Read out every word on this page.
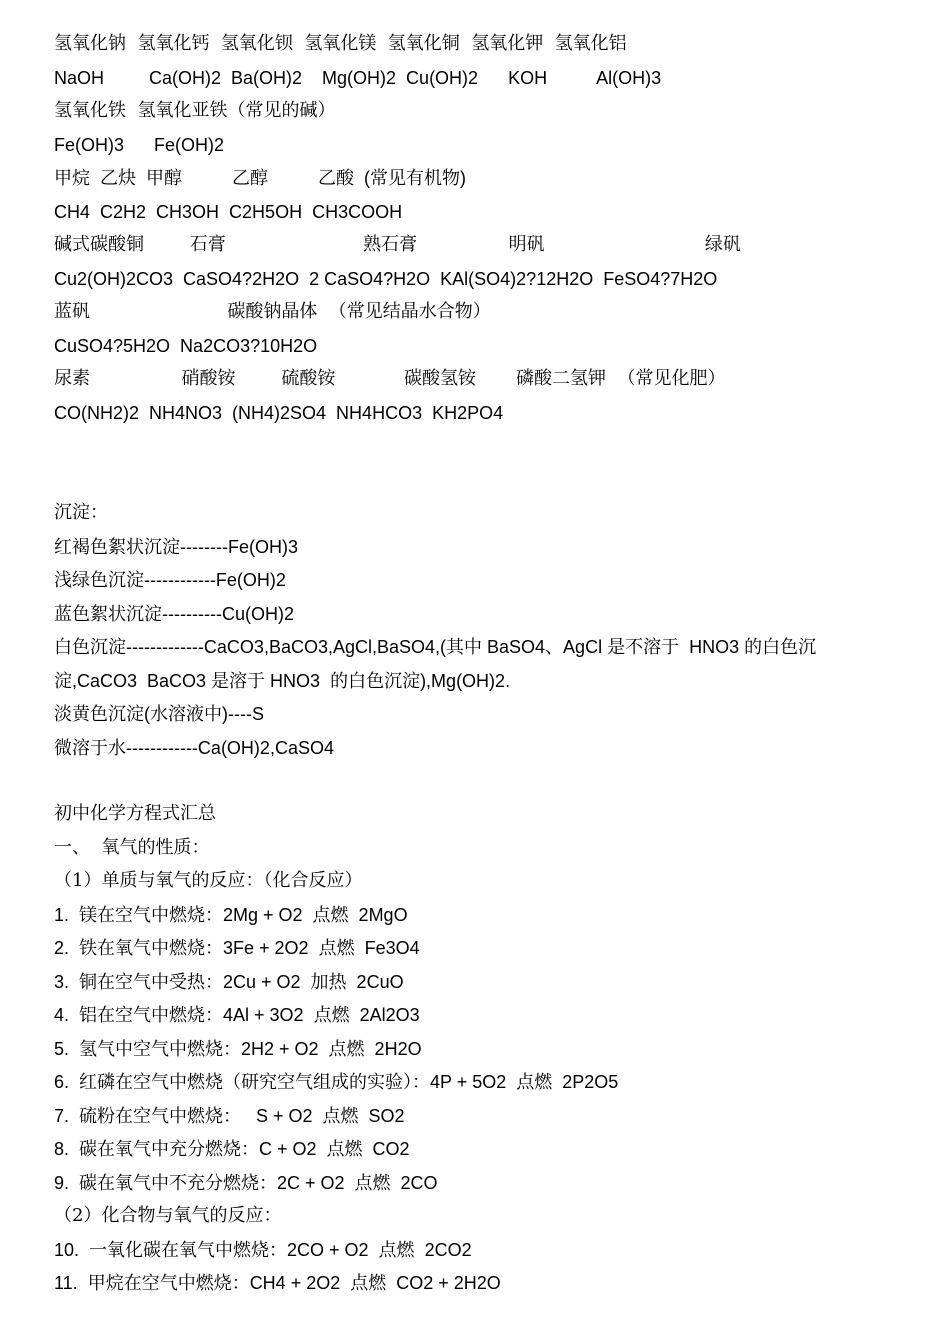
氢氧化钠  氢氧化钙  氢氧化钡  氢氧化镁  氢氧化铜  氢氧化钾  氢氧化铝
NaOH         Ca(OH)2  Ba(OH)2    Mg(OH)2  Cu(OH)2      KOH          Al(OH)3
氢氧化铁  氢氧化亚铁（常见的碱）
Fe(OH)3      Fe(OH)2
甲烷  乙炔  甲醇          乙醇          乙酸  (常见有机物)
CH4  C2H2  CH3OH  C2H5OH  CH3COOH
碱式碳酸铜        石膏                        熟石膏                明矾                            绿矾
Cu2(OH)2CO3  CaSO4?2H2O  2 CaSO4?H2O  KAl(SO4)2?12H2O  FeSO4?7H2O
蓝矾                        碳酸钠晶体  （常见结晶水合物）
CuSO4?5H2O  Na2CO3?10H2O
尿素                硝酸铵        硫酸铵            碳酸氢铵       磷酸二氢钾  （常见化肥）
CO(NH2)2  NH4NO3  (NH4)2SO4  NH4HCO3  KH2PO4
沉淀：
红褐色絮状沉淀--------Fe(OH)3
浅绿色沉淀------------Fe(OH)2
蓝色絮状沉淀----------Cu(OH)2
白色沉淀-------------CaCO3,BaCO3,AgCl,BaSO4,(其中 BaSO4、AgCl 是不溶于  HNO3 的白色沉
淀,CaCO3  BaCO3 是溶于 HNO3  的白色沉淀),Mg(OH)2.
淡黄色沉淀(水溶液中)----S
微溶于水------------Ca(OH)2,CaSO4
初中化学方程式汇总
一、  氧气的性质：
（1）单质与氧气的反应：（化合反应）
1.  镁在空气中燃烧：2Mg + O2  点燃  2MgO
2.  铁在氧气中燃烧：3Fe + 2O2  点燃  Fe3O4
3.  铜在空气中受热：2Cu + O2  加热  2CuO
4.  铝在空气中燃烧：4Al + 3O2  点燃  2Al2O3
5.  氢气中空气中燃烧：2H2 + O2  点燃  2H2O
6.  红磷在空气中燃烧（研究空气组成的实验）：4P + 5O2  点燃  2P2O5
7.  硫粉在空气中燃烧：   S + O2  点燃  SO2
8.  碳在氧气中充分燃烧：C + O2  点燃  CO2
9.  碳在氧气中不充分燃烧：2C + O2  点燃  2CO
（2）化合物与氧气的反应：
10.  一氧化碳在氧气中燃烧：2CO + O2  点燃  2CO2
11.  甲烷在空气中燃烧：CH4 + 2O2  点燃  CO2 + 2H2O
